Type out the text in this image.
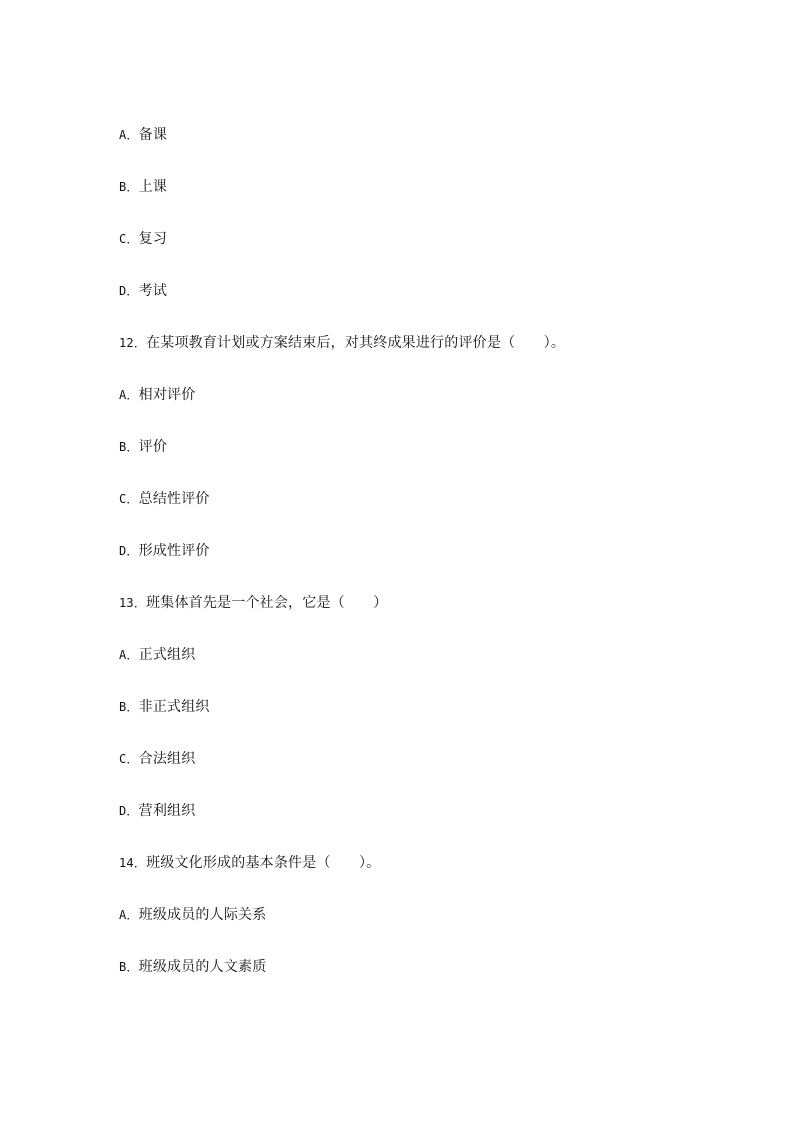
A．备课
B．上课
C．复习
D．考试
12．在某项教育计划或方案结束后，对其终成果进行的评价是（　　）。
A．相对评价
B．评价
C．总结性评价
D．形成性评价
13．班集体首先是一个社会，它是（　　）
A．正式组织
B．非正式组织
C．合法组织
D．营利组织
14．班级文化形成的基本条件是（　　）。
A．班级成员的人际关系
B．班级成员的人文素质
